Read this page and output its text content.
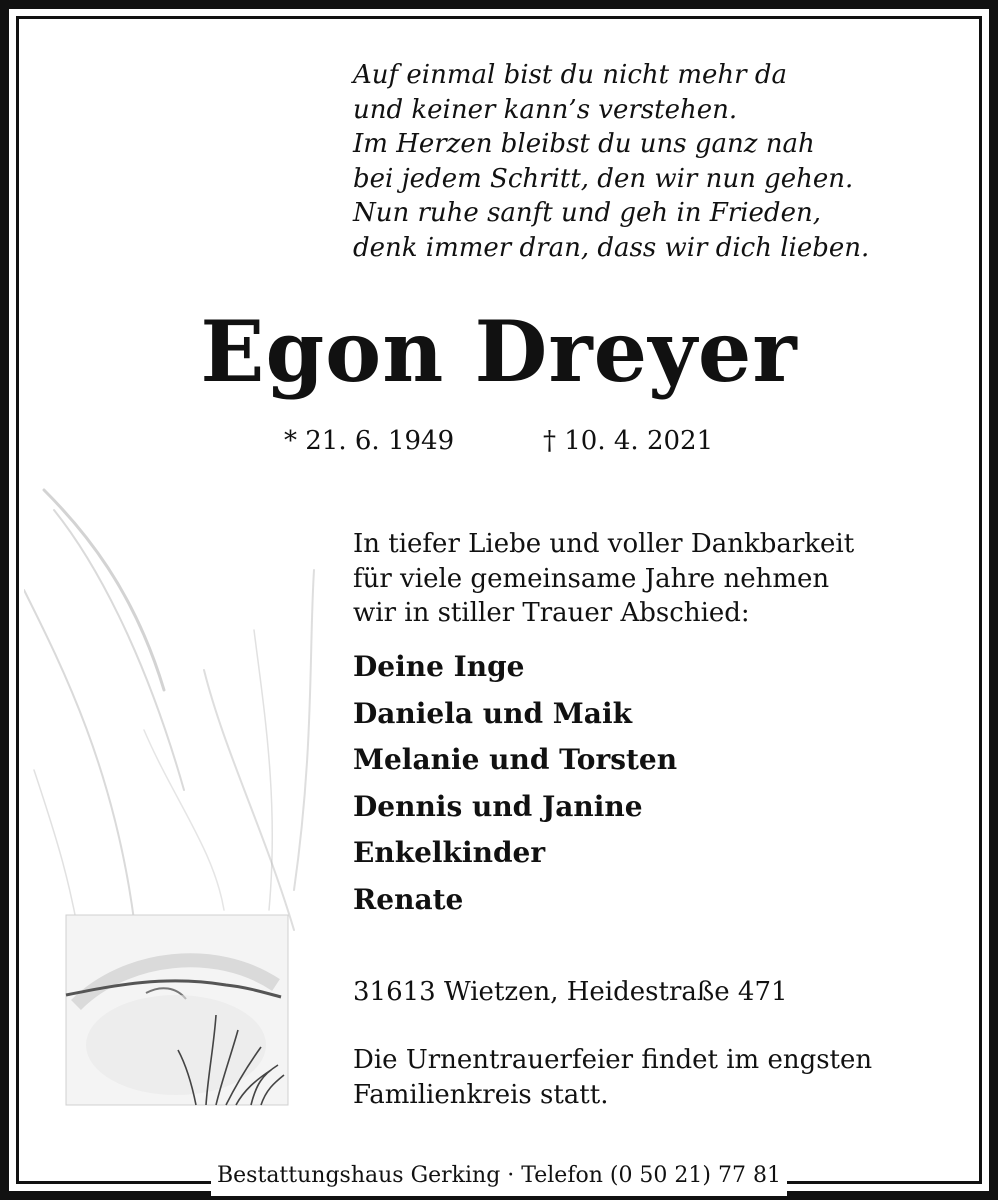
Auf einmal bist du nicht mehr da
und keiner kann’s verstehen.
Im Herzen bleibst du uns ganz nah
bei jedem Schritt, den wir nun gehen.
Nun ruhe sanft und geh in Frieden,
denk immer dran, dass wir dich lieben.
Egon Dreyer
* 21. 6. 1949	† 10. 4. 2021
In tiefer Liebe und voller Dankbarkeit
für viele gemeinsame Jahre nehmen
wir in stiller Trauer Abschied:
Deine Inge
Daniela und Maik
Melanie und Torsten
Dennis und Janine
Enkelkinder
Renate
31613 Wietzen, Heidestraße 471
Die Urnentrauerfeier findet im engsten
Familienkreis statt.
Bestattungshaus Gerking · Telefon (0 50 21) 77 81
